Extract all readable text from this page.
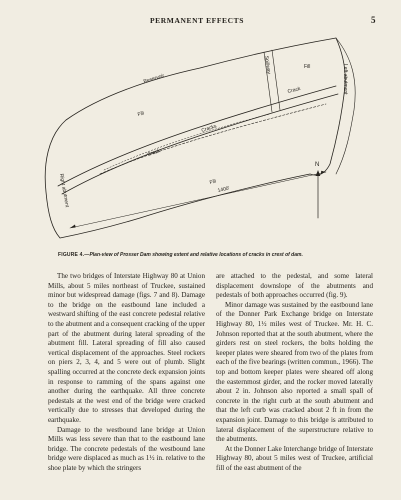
PERMANENT EFFECTS	5
Reservoir
Spillway	Fill
Fill
Fill
Crack
Cracks
Crack
Left abutment
Right abutment
N
1400'
FIGURE 4.—Plan-view of Prosser Dam showing extent and relative locations of cracks in crest of dam.

The two bridges of Interstate Highway 80 at Union Mills, about 5 miles northeast of Truckee, sustained minor but widespread damage (figs. 7 and 8). Damage to the bridge on the eastbound lane included a westward shifting of the east concrete pedestal relative to the abutment and a consequent cracking of the upper part of the abutment during lateral spreading of the abutment fill. Lateral spreading of fill also caused vertical displacement of the approaches. Steel rockers on piers 2, 3, 4, and 5 were out of plumb. Slight spalling occurred at the concrete deck expansion joints in response to ramming of the spans against one another during the earthquake. All three concrete pedestals at the west end of the bridge were cracked vertically due to stresses that developed during the earthquake.

Damage to the westbound lane bridge at Union Mills was less severe than that to the eastbound lane bridge. The concrete pedestals of the westbound lane bridge were displaced as much as 1½ in. relative to the shoe plate by which the stringers

are attached to the pedestal, and some lateral displacement downslope of the abutments and pedestals of both approaches occurred (fig. 9).

Minor damage was sustained by the eastbound lane of the Donner Park Exchange bridge on Interstate Highway 80, 1½ miles west of Truckee. Mr. H. C. Johnson reported that at the south abutment, where the girders rest on steel rockers, the bolts holding the keeper plates were sheared from two of the plates from each of the five bearings (written commun., 1966). The top and bottom keeper plates were sheared off along the easternmost girder, and the rocker moved laterally about 2 in. Johnson also reported a small spall of concrete in the right curb at the south abutment and that the left curb was cracked about 2 ft in from the expansion joint. Damage to this bridge is attributed to lateral displacement of the superstructure relative to the abutments.

At the Donner Lake Interchange bridge of Interstate Highway 80, about 5 miles west of Truckee, artificial fill of the east abutment of the
